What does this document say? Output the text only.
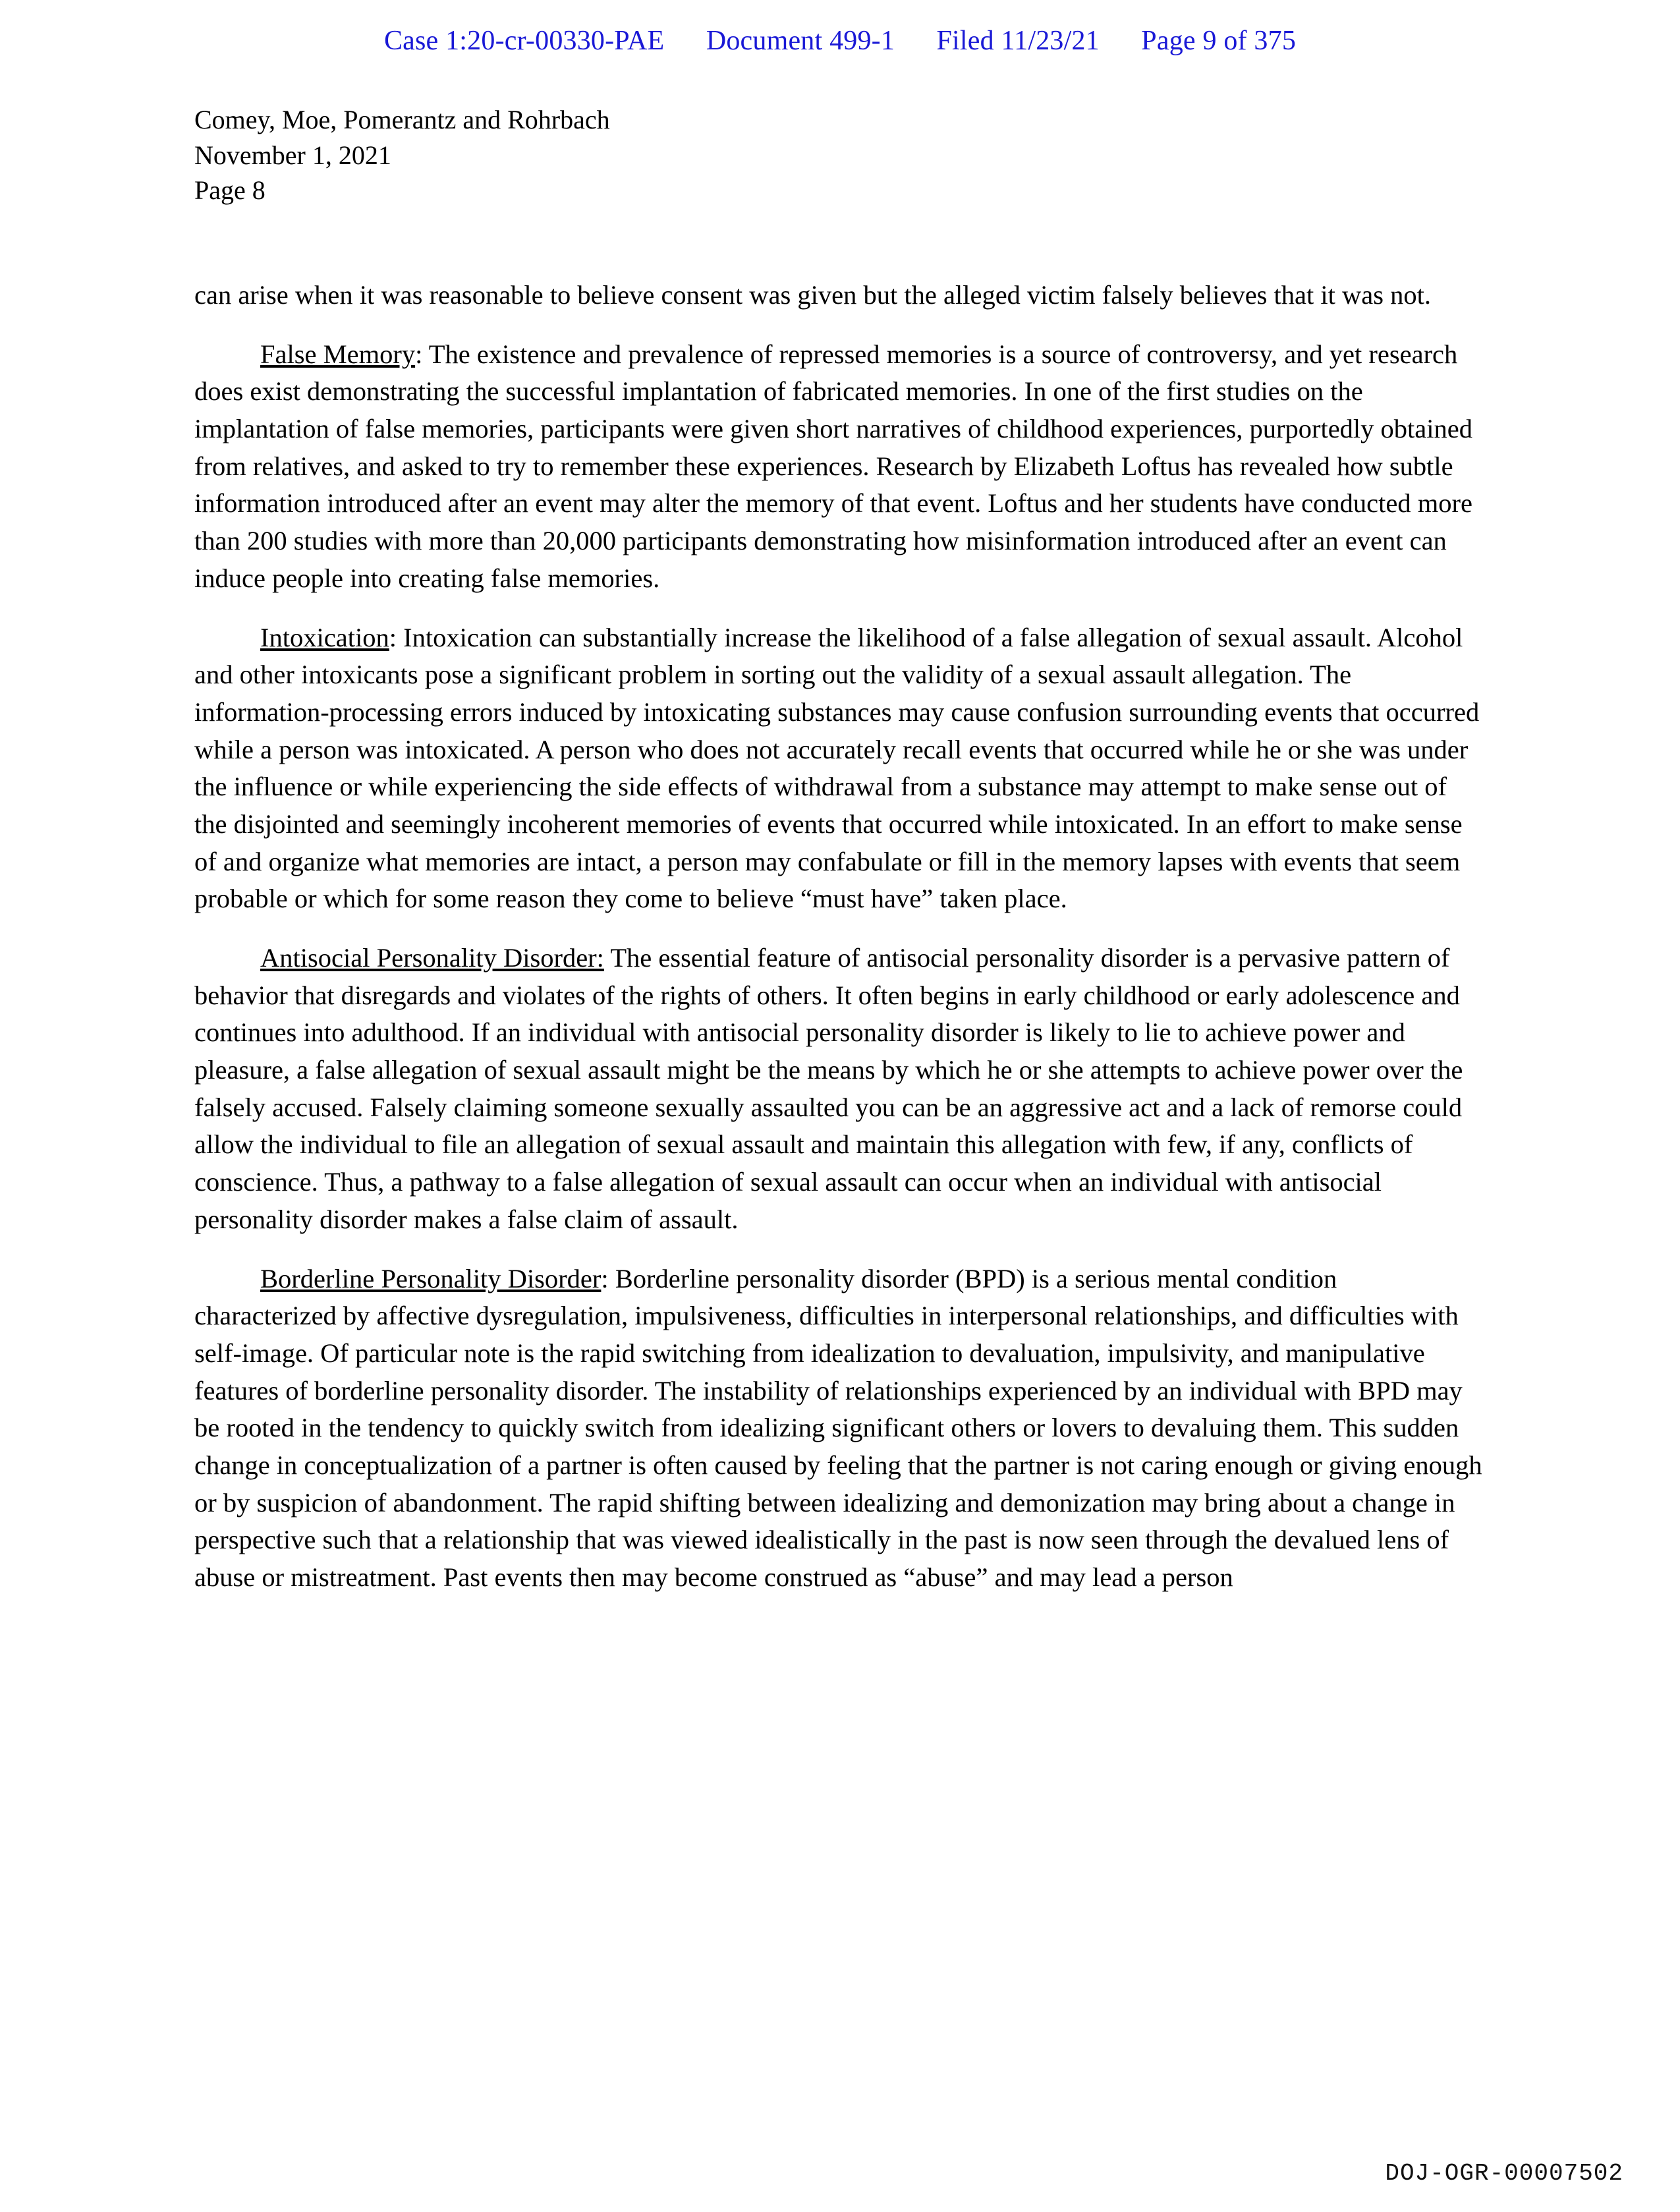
Case 1:20-cr-00330-PAE Document 499-1 Filed 11/23/21 Page 9 of 375
Comey, Moe, Pomerantz and Rohrbach
November 1, 2021
Page 8

can arise when it was reasonable to believe consent was given but the alleged victim falsely believes that it was not.

False Memory: The existence and prevalence of repressed memories is a source of controversy, and yet research does exist demonstrating the successful implantation of fabricated memories. In one of the first studies on the implantation of false memories, participants were given short narratives of childhood experiences, purportedly obtained from relatives, and asked to try to remember these experiences. Research by Elizabeth Loftus has revealed how subtle information introduced after an event may alter the memory of that event. Loftus and her students have conducted more than 200 studies with more than 20,000 participants demonstrating how misinformation introduced after an event can induce people into creating false memories.

Intoxication: Intoxication can substantially increase the likelihood of a false allegation of sexual assault. Alcohol and other intoxicants pose a significant problem in sorting out the validity of a sexual assault allegation. The information-processing errors induced by intoxicating substances may cause confusion surrounding events that occurred while a person was intoxicated. A person who does not accurately recall events that occurred while he or she was under the influence or while experiencing the side effects of withdrawal from a substance may attempt to make sense out of the disjointed and seemingly incoherent memories of events that occurred while intoxicated. In an effort to make sense of and organize what memories are intact, a person may confabulate or fill in the memory lapses with events that seem probable or which for some reason they come to believe “must have” taken place.

Antisocial Personality Disorder: The essential feature of antisocial personality disorder is a pervasive pattern of behavior that disregards and violates of the rights of others. It often begins in early childhood or early adolescence and continues into adulthood. If an individual with antisocial personality disorder is likely to lie to achieve power and pleasure, a false allegation of sexual assault might be the means by which he or she attempts to achieve power over the falsely accused. Falsely claiming someone sexually assaulted you can be an aggressive act and a lack of remorse could allow the individual to file an allegation of sexual assault and maintain this allegation with few, if any, conflicts of conscience. Thus, a pathway to a false allegation of sexual assault can occur when an individual with antisocial personality disorder makes a false claim of assault.

Borderline Personality Disorder: Borderline personality disorder (BPD) is a serious mental condition characterized by affective dysregulation, impulsiveness, difficulties in interpersonal relationships, and difficulties with self-image. Of particular note is the rapid switching from idealization to devaluation, impulsivity, and manipulative features of borderline personality disorder. The instability of relationships experienced by an individual with BPD may be rooted in the tendency to quickly switch from idealizing significant others or lovers to devaluing them. This sudden change in conceptualization of a partner is often caused by feeling that the partner is not caring enough or giving enough or by suspicion of abandonment. The rapid shifting between idealizing and demonization may bring about a change in perspective such that a relationship that was viewed idealistically in the past is now seen through the devalued lens of abuse or mistreatment. Past events then may become construed as “abuse” and may lead a person

DOJ-OGR-00007502
